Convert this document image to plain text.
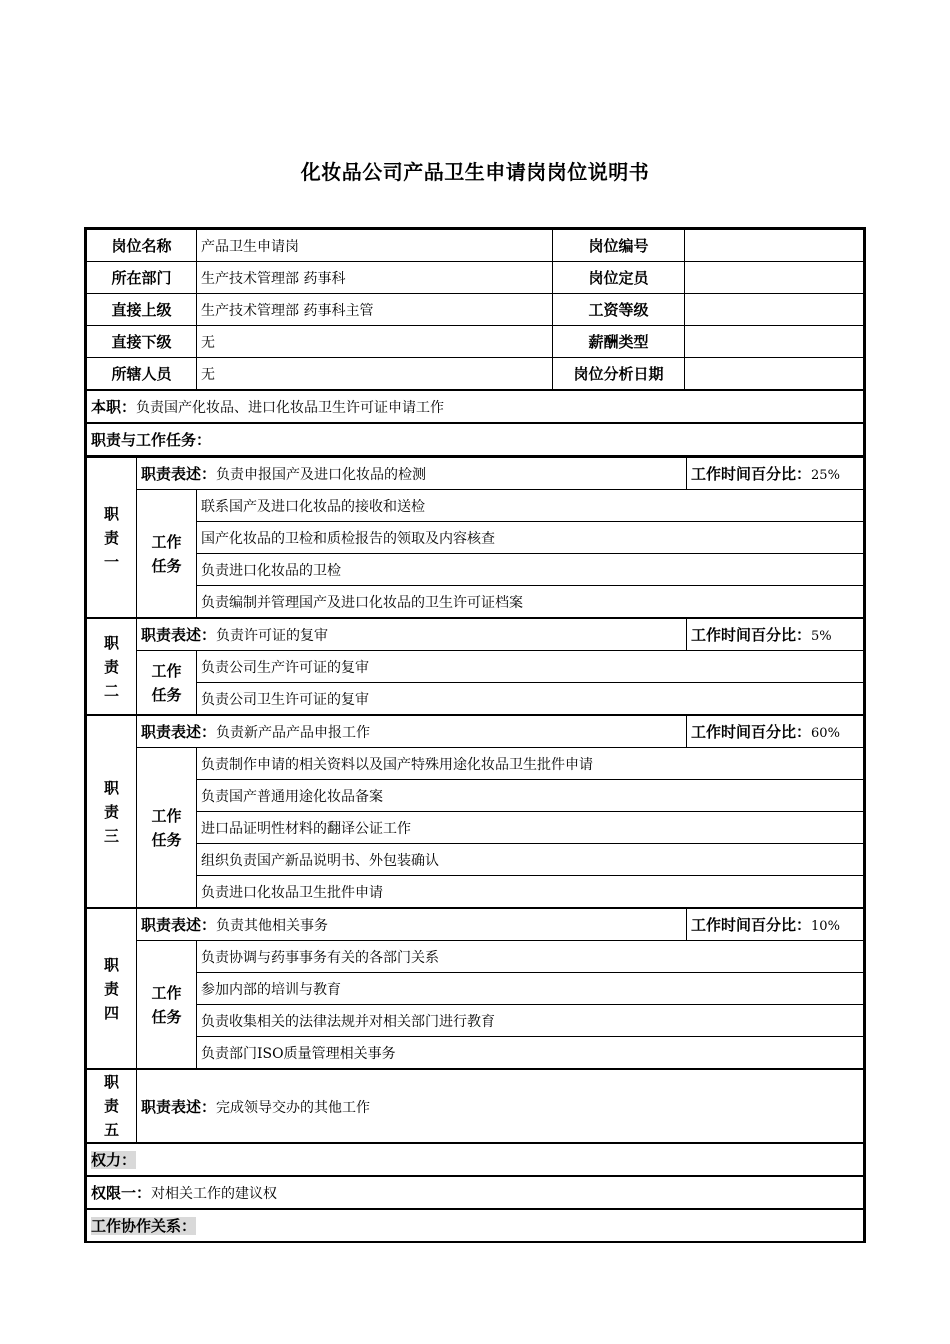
化妆品公司产品卫生申请岗岗位说明书
岗位名称	产品卫生申请岗	岗位编号	
所在部门	生产技术管理部 药事科	岗位定员	
直接上级	生产技术管理部 药事科主管	工资等级	
直接下级	无	薪酬类型	
所辖人员	无	岗位分析日期	
本职：负责国产化妆品、进口化妆品卫生许可证申请工作
职责与工作任务：
职
责
一	职责表述：负责申报国产及进口化妆品的检测		工作时间百分比：25%
	工作
任务	联系国产及进口化妆品的接收和送检	
		国产化妆品的卫检和质检报告的领取及内容核查	
		负责进口化妆品的卫检	
		负责编制并管理国产及进口化妆品的卫生许可证档案	
职
责
二	职责表述：负责许可证的复审		工作时间百分比：5%
	工作
任务	负责公司生产许可证的复审	
		负责公司卫生许可证的复审	
职
责
三	职责表述：负责新产品产品申报工作		工作时间百分比：60%
	工作
任务	负责制作申请的相关资料以及国产特殊用途化妆品卫生批件申请	
		负责国产普通用途化妆品备案	
		进口品证明性材料的翻译公证工作	
		组织负责国产新品说明书、外包装确认	
		负责进口化妆品卫生批件申请	
职
责
四	职责表述：负责其他相关事务		工作时间百分比：10%
	工作
任务	负责协调与药事事务有关的各部门关系	
		参加内部的培训与教育	
		负责收集相关的法律法规并对相关部门进行教育	
		负责部门ISO质量管理相关事务	
职
责
五	职责表述：完成领导交办的其他工作		
权力：
权限一：对相关工作的建议权
工作协作关系：
